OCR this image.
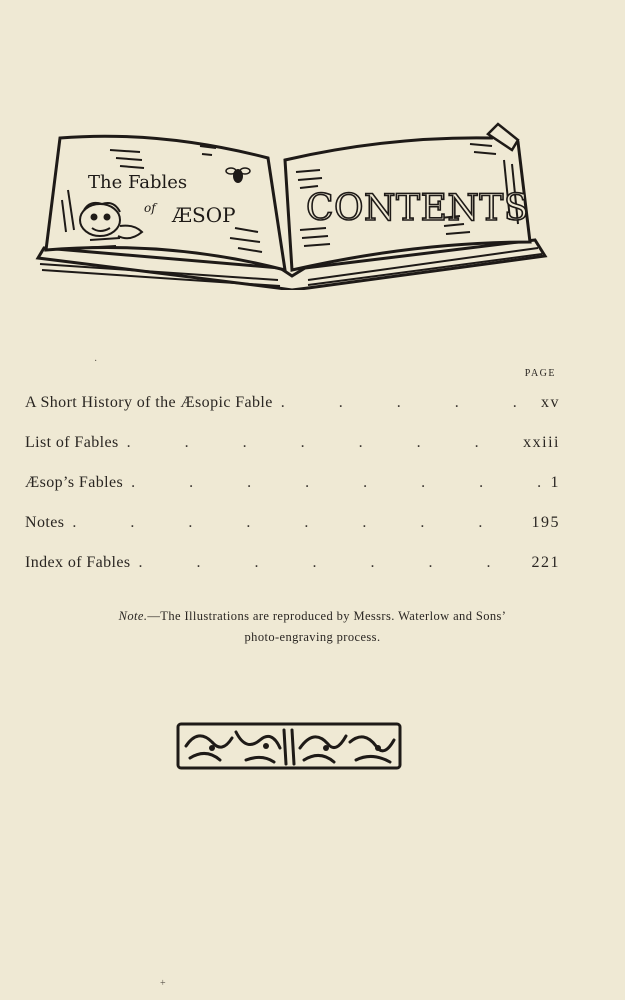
The Fables
of ÆSOP CONTENTS
·
PAGE
A Short History of the Æsopic Fable . . .	xv
List of Fables . . .	xxiii
Æsop’s Fables . . .	1
Notes . . .	195
Index of Fables . . .	221
Note.—The Illustrations are reproduced by Messrs. Waterlow and Sons’
photo-engraving process.
+
